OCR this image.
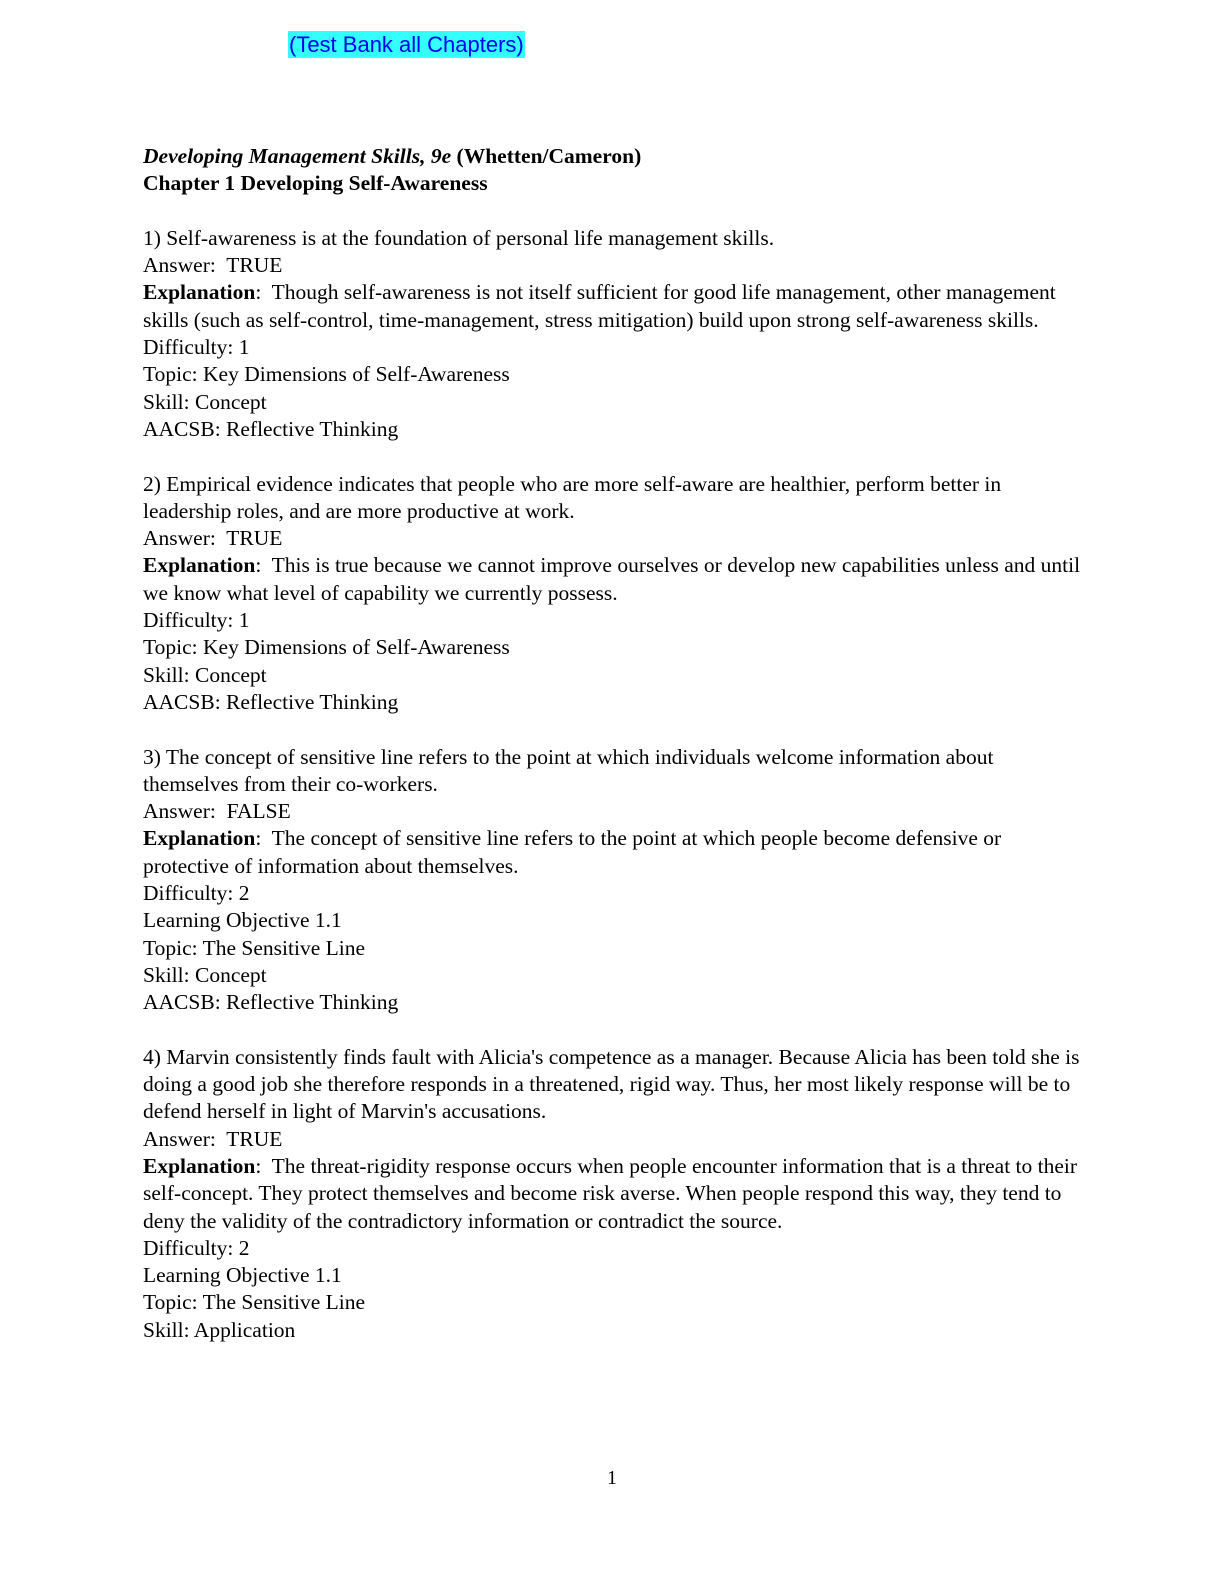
(Test Bank all Chapters)
Developing Management Skills, 9e (Whetten/Cameron)
Chapter 1 Developing Self-Awareness
1) Self-awareness is at the foundation of personal life management skills.
Answer: TRUE
Explanation:  Though self-awareness is not itself sufficient for good life management, other management skills (such as self-control, time-management, stress mitigation) build upon strong self-awareness skills.
Difficulty: 1
Topic: Key Dimensions of Self-Awareness
Skill: Concept
AACSB: Reflective Thinking
2) Empirical evidence indicates that people who are more self-aware are healthier, perform better in leadership roles, and are more productive at work.
Answer: TRUE
Explanation:  This is true because we cannot improve ourselves or develop new capabilities unless and until we know what level of capability we currently possess.
Difficulty: 1
Topic: Key Dimensions of Self-Awareness
Skill: Concept
AACSB: Reflective Thinking
3) The concept of sensitive line refers to the point at which individuals welcome information about themselves from their co-workers.
Answer: FALSE
Explanation:  The concept of sensitive line refers to the point at which people become defensive or protective of information about themselves.
Difficulty: 2
Learning Objective 1.1
Topic: The Sensitive Line
Skill: Concept
AACSB: Reflective Thinking
4) Marvin consistently finds fault with Alicia's competence as a manager. Because Alicia has been told she is doing a good job she therefore responds in a threatened, rigid way. Thus, her most likely response will be to defend herself in light of Marvin's accusations.
Answer: TRUE
Explanation:  The threat-rigidity response occurs when people encounter information that is a threat to their self-concept. They protect themselves and become risk averse. When people respond this way, they tend to deny the validity of the contradictory information or contradict the source.
Difficulty: 2
Learning Objective 1.1
Topic: The Sensitive Line
Skill: Application
1
